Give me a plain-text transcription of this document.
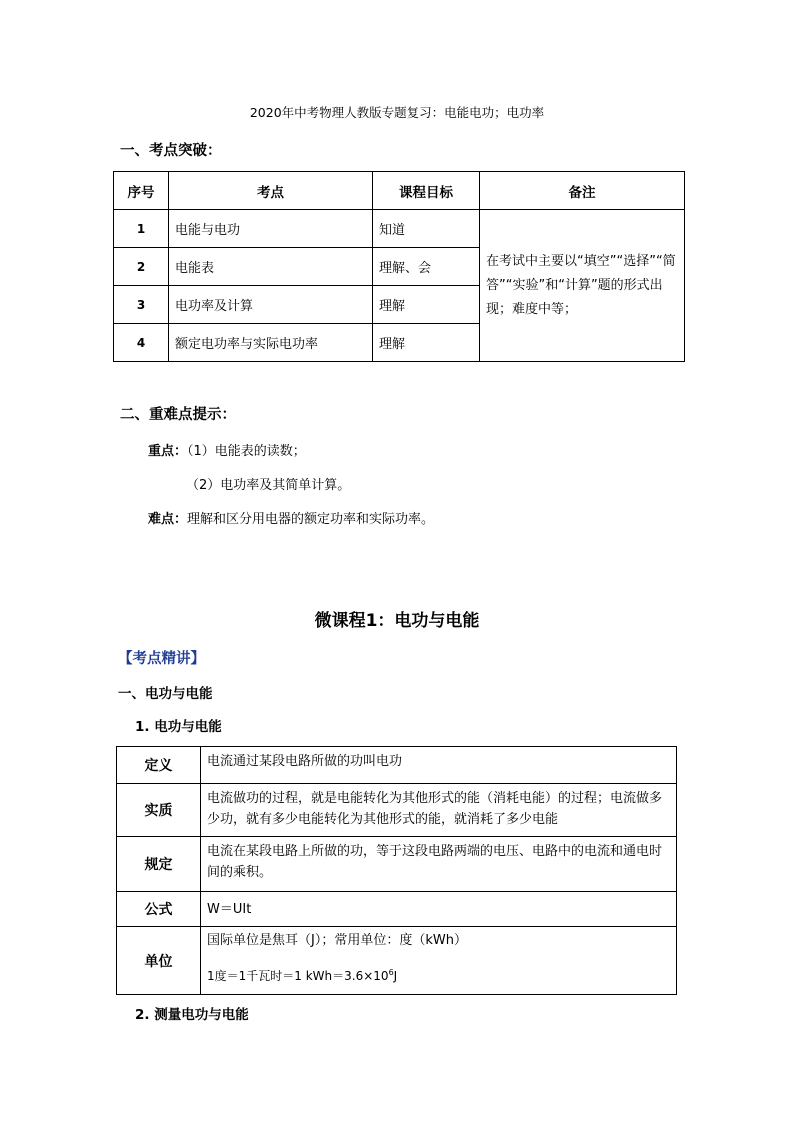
2020年中考物理人教版专题复习：电能电功；电功率
一、考点突破：
序号	考点	课程目标	备注
1	电能与电功	知道	在考试中主要以“填空”“选择”“简答”“实验”和“计算”题的形式出现；难度中等；
2	电能表	理解、会	
3	电功率及计算	理解	
4	额定电功率与实际电功率	理解	
二、重难点提示：
重点：（1）电能表的读数；
（2）电功率及其简单计算。
难点：理解和区分用电器的额定功率和实际功率。
微课程1：电功与电能
【考点精讲】
一、电功与电能
1. 电功与电能
定义	电流通过某段电路所做的功叫电功
实质	电流做功的过程，就是电能转化为其他形式的能（消耗电能）的过程；电流做多少功，就有多少电能转化为其他形式的能，就消耗了多少电能
规定	电流在某段电路上所做的功，等于这段电路两端的电压、电路中的电流和通电时间的乘积。
公式	W＝UIt
单位	国际单位是焦耳（J）；常用单位：度（kWh）
1度＝1千瓦时＝1 $kWh=3.6\times 10^6J$
2. 测量电功与电能
